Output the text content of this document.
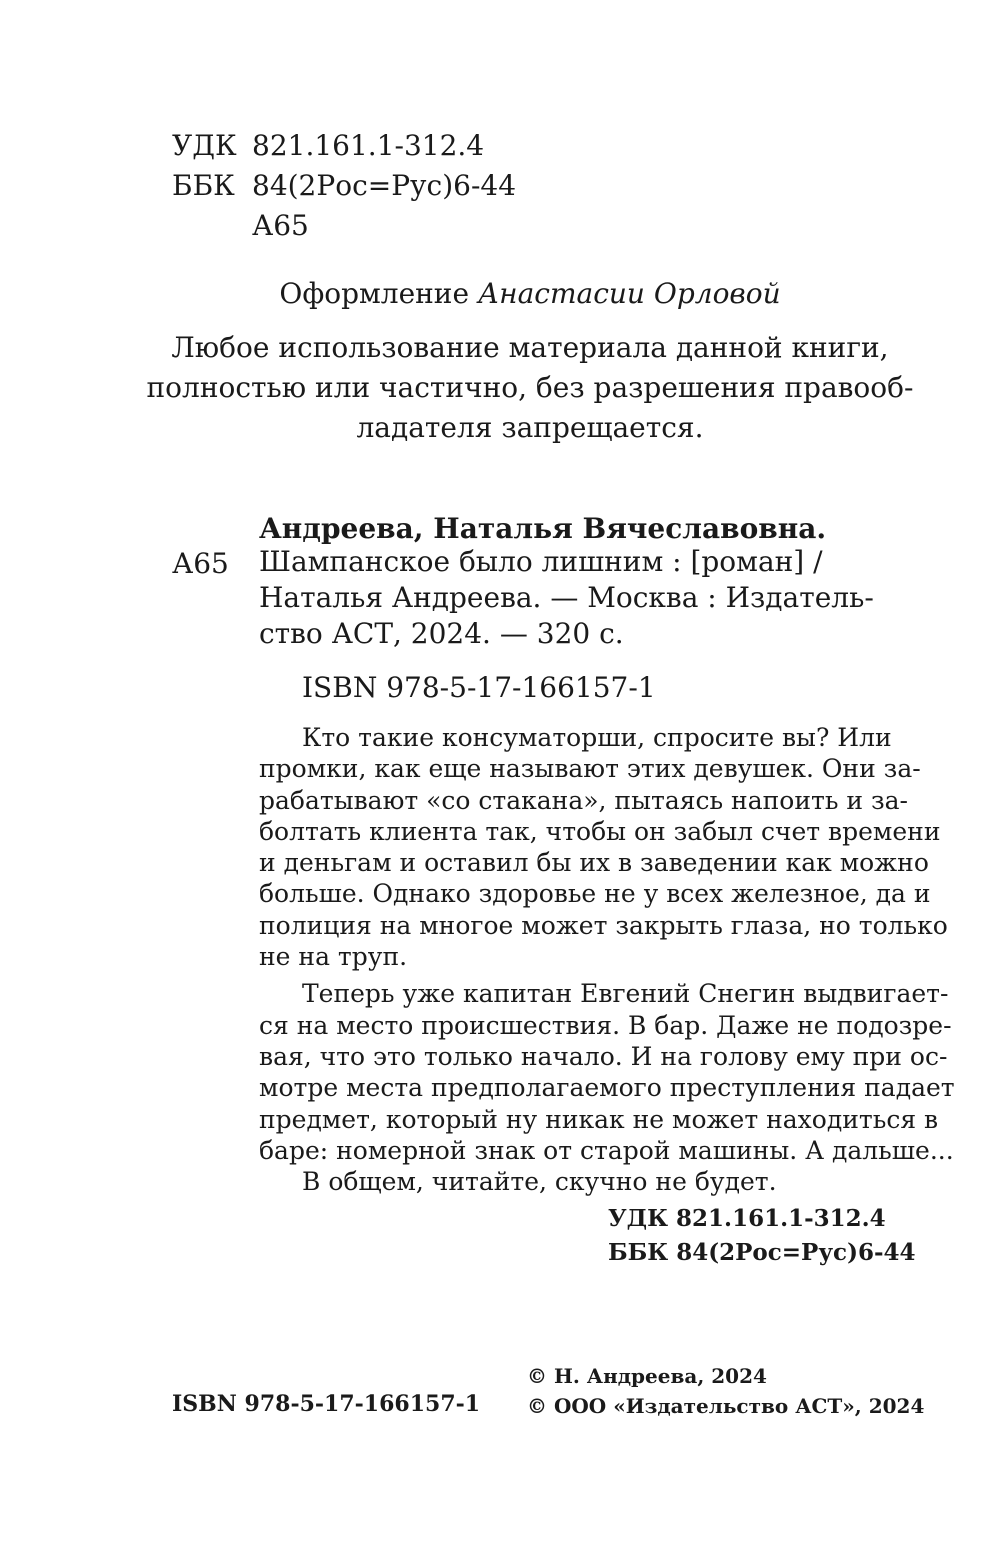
УДК 821.161.1-312.4
ББК 84(2Рос=Рус)6-44
А65
Оформление Анастасии Орловой
Любое использование материала данной книги,
полностью или частично, без разрешения правооб-
ладателя запрещается.
Андреева, Наталья Вячеславовна.
А65 Шампанское было лишним : [роман] /
Наталья Андреева. — Москва : Издатель-
ство АСТ, 2024. — 320 с.
ISBN 978-5-17-166157-1

Кто такие консуматорши, спросите вы? Или
промки, как еще называют этих девушек. Они за-
рабатывают «со стакана», пытаясь напоить и за-
болтать клиента так, чтобы он забыл счет времени
и деньгам и оставил бы их в заведении как можно
больше. Однако здоровье не у всех железное, да и
полиция на многое может закрыть глаза, но только
не на труп.

Теперь уже капитан Евгений Снегин выдвигает-
ся на место происшествия. В бар. Даже не подозре-
вая, что это только начало. И на голову ему при ос-
мотре места предполагаемого преступления падает
предмет, который ну никак не может находиться в
баре: номерной знак от старой машины. А дальше...

В общем, читайте, скучно не будет.

УДК 821.161.1-312.4
ББК 84(2Рос=Рус)6-44
ISBN 978-5-17-166157-1
© Н. Андреева, 2024
© ООО «Издательство АСТ», 2024
